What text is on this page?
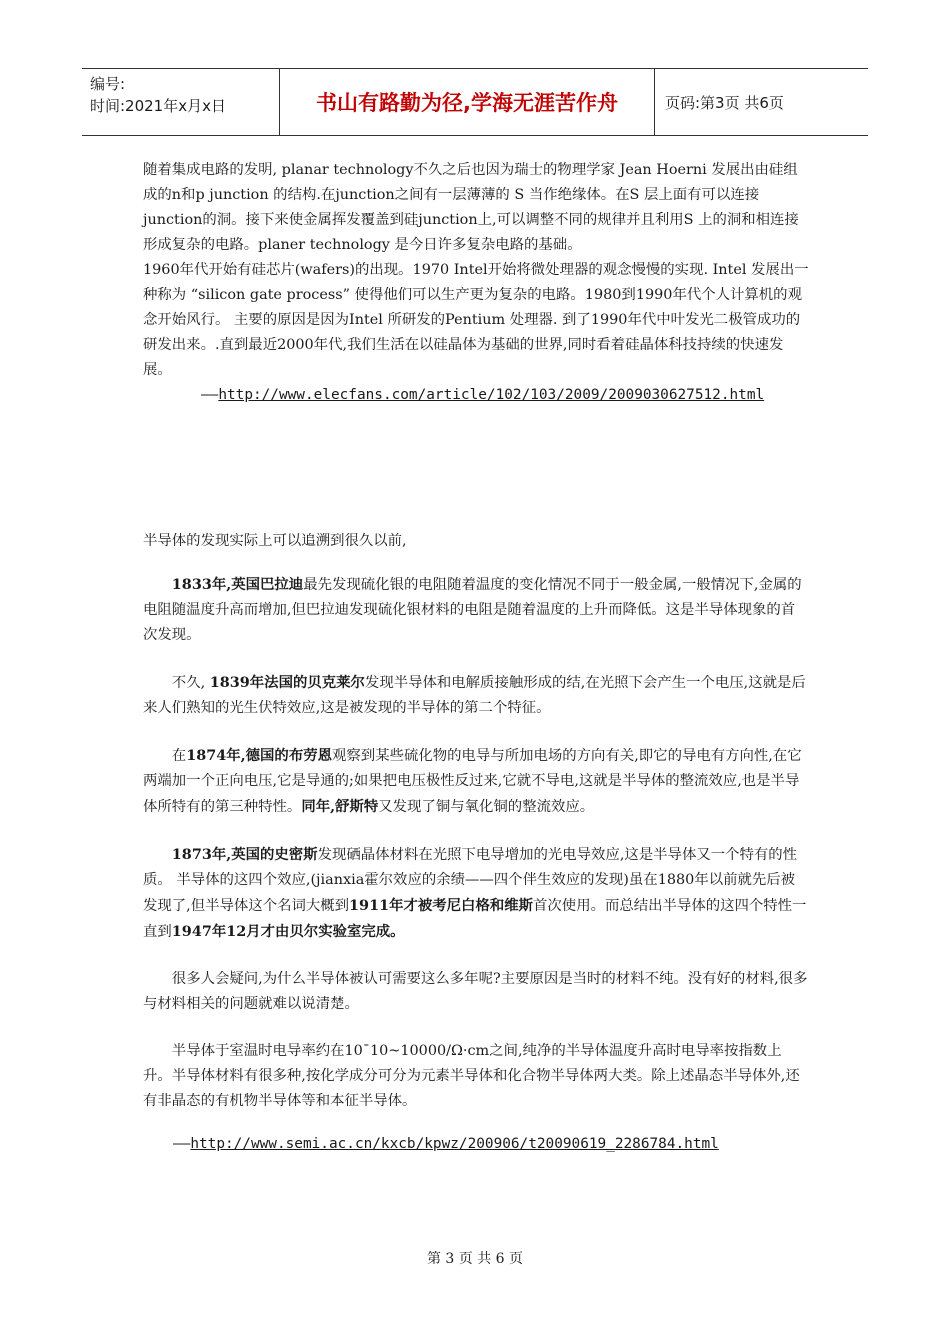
编号:
时间:2021年x月x日	书山有路勤为径,学海无涯苦作舟	页码:第3页 共6页

随着集成电路的发明, planar technology不久之后也因为瑞士的物理学家 Jean Hoerni 发展出由硅组成的n和p junction 的结构.在junction之间有一层薄薄的 S 当作绝缘体。在S 层上面有可以连接junction的洞。接下来使金属挥发覆盖到硅junction上,可以调整不同的规律并且利用S 上的洞和相连接形成复杂的电路。planer technology 是今日许多复杂电路的基础。

1960年代开始有硅芯片(wafers)的出现。1970 Intel开始将微处理器的观念慢慢的实现. Intel 发展出一种称为 “silicon gate process” 使得他们可以生产更为复杂的电路。1980到1990年代个人计算机的观念开始风行。 主要的原因是因为Intel 所研发的Pentium 处理器. 到了1990年代中叶发光二极管成功的研发出来。.直到最近2000年代,我们生活在以硅晶体为基础的世界,同时看着硅晶体科技持续的快速发展。

——http://www.elecfans.com/article/102/103/2009/2009030627512.html

半导体的发现实际上可以追溯到很久以前,

1833年,英国巴拉迪最先发现硫化银的电阻随着温度的变化情况不同于一般金属,一般情况下,金属的电阻随温度升高而增加,但巴拉迪发现硫化银材料的电阻是随着温度的上升而降低。这是半导体现象的首次发现。

不久, 1839年法国的贝克莱尔发现半导体和电解质接触形成的结,在光照下会产生一个电压,这就是后来人们熟知的光生伏特效应,这是被发现的半导体的第二个特征。

在1874年,德国的布劳恩观察到某些硫化物的电导与所加电场的方向有关,即它的导电有方向性,在它两端加一个正向电压,它是导通的;如果把电压极性反过来,它就不导电,这就是半导体的整流效应,也是半导体所特有的第三种特性。同年,舒斯特又发现了铜与氧化铜的整流效应。

1873年,英国的史密斯发现硒晶体材料在光照下电导增加的光电导效应,这是半导体又一个特有的性质。 半导体的这四个效应,(jianxia霍尔效应的余绩——四个伴生效应的发现)虽在1880年以前就先后被发现了,但半导体这个名词大概到1911年才被考尼白格和维斯首次使用。而总结出半导体的这四个特性一直到1947年12月才由贝尔实验室完成。

很多人会疑问,为什么半导体被认可需要这么多年呢?主要原因是当时的材料不纯。没有好的材料,很多与材料相关的问题就难以说清楚。

半导体于室温时电导率约在10ˉ10~10000/Ω·cm之间,纯净的半导体温度升高时电导率按指数上升。半导体材料有很多种,按化学成分可分为元素半导体和化合物半导体两大类。除上述晶态半导体外,还有非晶态的有机物半导体等和本征半导体。

——http://www.semi.ac.cn/kxcb/kpwz/200906/t20090619_2286784.html

第 3 页 共 6 页
